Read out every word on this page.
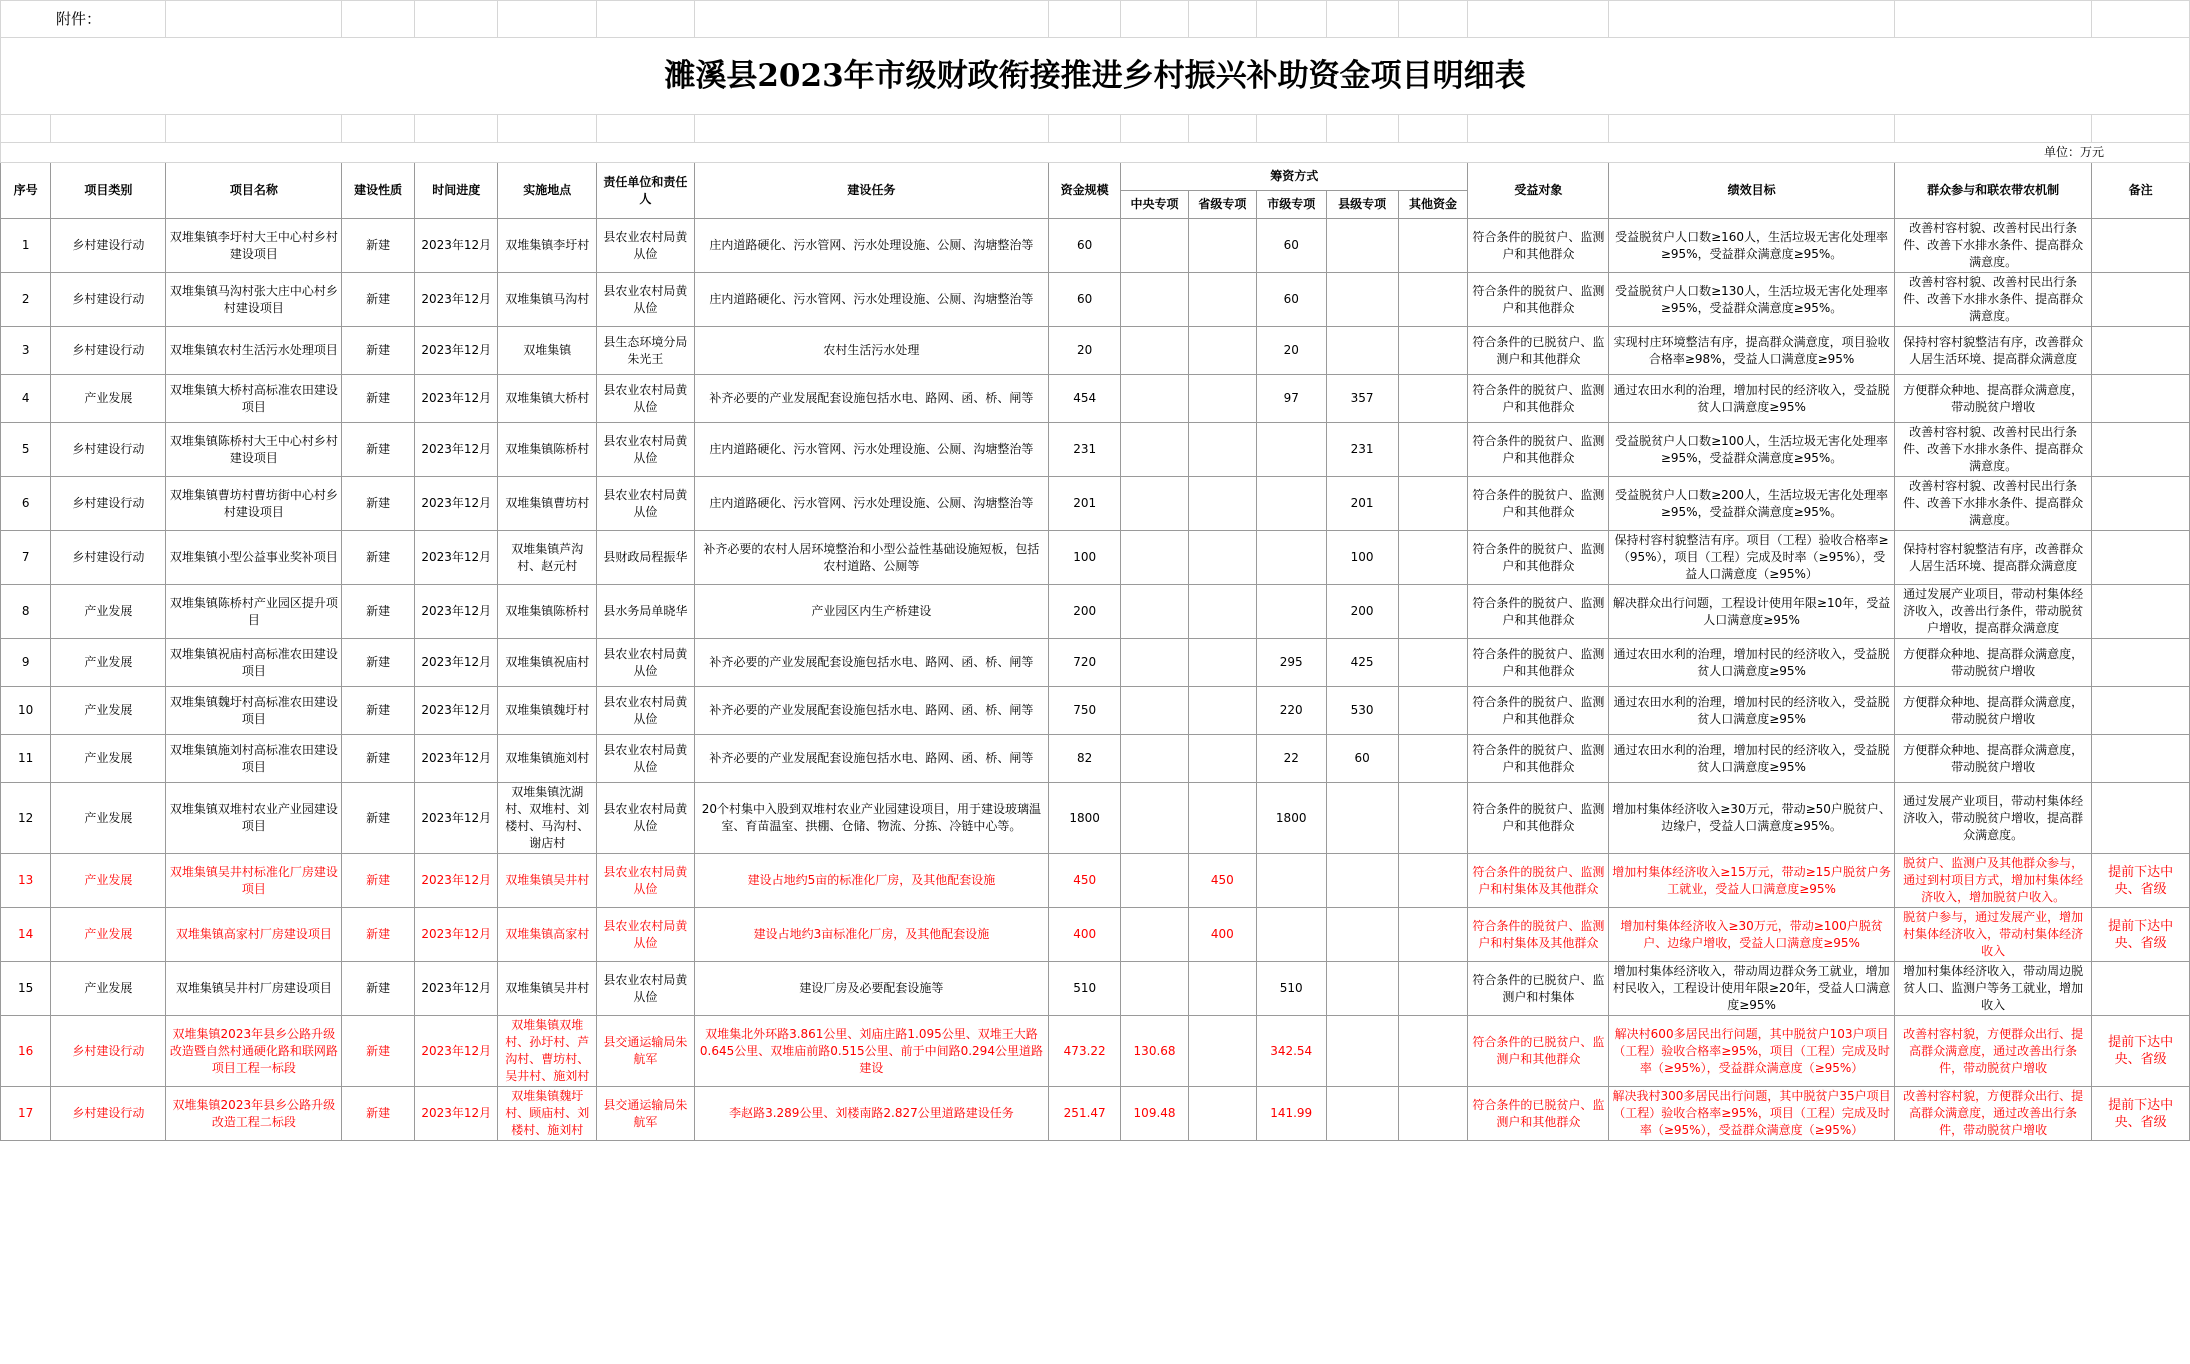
附件：																	
濉溪县2023年市级财政衔接推进乡村振兴补助资金项目明细表																	

单位：万元																	
序号	项目类别	项目名称	建设性质	时间进度	实施地点	责任单位和责任人	建设任务	资金规模	筹资方式					受益对象	绩效目标	群众参与和联农带农机制	备注
									中央专项	省级专项	市级专项	县级专项	其他资金				
1	乡村建设行动	双堆集镇李圩村大王中心村乡村建设项目	新建	2023年12月	双堆集镇李圩村	县农业农村局黄从俭	庄内道路硬化、污水管网、污水处理设施、公厕、沟塘整治等	60			60			符合条件的脱贫户、监测户和其他群众	受益脱贫户人口数≥160人，生活垃圾无害化处理率≥95%，受益群众满意度≥95%。	改善村容村貌、改善村民出行条件、改善下水排水条件、提高群众满意度。	
2	乡村建设行动	双堆集镇马沟村张大庄中心村乡村建设项目	新建	2023年12月	双堆集镇马沟村	县农业农村局黄从俭	庄内道路硬化、污水管网、污水处理设施、公厕、沟塘整治等	60			60			符合条件的脱贫户、监测户和其他群众	受益脱贫户人口数≥130人，生活垃圾无害化处理率≥95%，受益群众满意度≥95%。	改善村容村貌、改善村民出行条件、改善下水排水条件、提高群众满意度。	
3	乡村建设行动	双堆集镇农村生活污水处理项目	新建	2023年12月	双堆集镇	县生态环境分局朱光王	农村生活污水处理	20			20			符合条件的已脱贫户、监测户和其他群众	实现村庄环境整洁有序，提高群众满意度，项目验收合格率≥98%，受益人口满意度≥95%	保持村容村貌整洁有序，改善群众人居生活环境、提高群众满意度	
4	产业发展	双堆集镇大桥村高标准农田建设项目	新建	2023年12月	双堆集镇大桥村	县农业农村局黄从俭	补齐必要的产业发展配套设施包括水电、路网、函、桥、闸等	454			97	357		符合条件的脱贫户、监测户和其他群众	通过农田水利的治理，增加村民的经济收入，受益脱贫人口满意度≥95%	方便群众种地、提高群众满意度，带动脱贫户增收	
5	乡村建设行动	双堆集镇陈桥村大王中心村乡村建设项目	新建	2023年12月	双堆集镇陈桥村	县农业农村局黄从俭	庄内道路硬化、污水管网、污水处理设施、公厕、沟塘整治等	231				231		符合条件的脱贫户、监测户和其他群众	受益脱贫户人口数≥100人，生活垃圾无害化处理率≥95%，受益群众满意度≥95%。	改善村容村貌、改善村民出行条件、改善下水排水条件、提高群众满意度。	
6	乡村建设行动	双堆集镇曹坊村曹坊街中心村乡村建设项目	新建	2023年12月	双堆集镇曹坊村	县农业农村局黄从俭	庄内道路硬化、污水管网、污水处理设施、公厕、沟塘整治等	201				201		符合条件的脱贫户、监测户和其他群众	受益脱贫户人口数≥200人，生活垃圾无害化处理率≥95%，受益群众满意度≥95%。	改善村容村貌、改善村民出行条件、改善下水排水条件、提高群众满意度。	
7	乡村建设行动	双堆集镇小型公益事业奖补项目	新建	2023年12月	双堆集镇芦沟村、赵元村	县财政局程振华	补齐必要的农村人居环境整治和小型公益性基础设施短板，包括农村道路、公厕等	100				100		符合条件的脱贫户、监测户和其他群众	保持村容村貌整洁有序。项目（工程）验收合格率≥（95%），项目（工程）完成及时率（≥95%），受益人口满意度（≥95%）	保持村容村貌整洁有序，改善群众人居生活环境、提高群众满意度	
8	产业发展	双堆集镇陈桥村产业园区提升项目	新建	2023年12月	双堆集镇陈桥村	县水务局单晓华	产业园区内生产桥建设	200				200		符合条件的脱贫户、监测户和其他群众	解决群众出行问题，工程设计使用年限≥10年，受益人口满意度≥95%	通过发展产业项目，带动村集体经济收入，改善出行条件，带动脱贫户增收，提高群众满意度	
9	产业发展	双堆集镇祝庙村高标准农田建设项目	新建	2023年12月	双堆集镇祝庙村	县农业农村局黄从俭	补齐必要的产业发展配套设施包括水电、路网、函、桥、闸等	720			295	425		符合条件的脱贫户、监测户和其他群众	通过农田水利的治理，增加村民的经济收入，受益脱贫人口满意度≥95%	方便群众种地、提高群众满意度，带动脱贫户增收	
10	产业发展	双堆集镇魏圩村高标准农田建设项目	新建	2023年12月	双堆集镇魏圩村	县农业农村局黄从俭	补齐必要的产业发展配套设施包括水电、路网、函、桥、闸等	750			220	530		符合条件的脱贫户、监测户和其他群众	通过农田水利的治理，增加村民的经济收入，受益脱贫人口满意度≥95%	方便群众种地、提高群众满意度，带动脱贫户增收	
11	产业发展	双堆集镇施刘村高标准农田建设项目	新建	2023年12月	双堆集镇施刘村	县农业农村局黄从俭	补齐必要的产业发展配套设施包括水电、路网、函、桥、闸等	82			22	60		符合条件的脱贫户、监测户和其他群众	通过农田水利的治理，增加村民的经济收入，受益脱贫人口满意度≥95%	方便群众种地、提高群众满意度，带动脱贫户增收	
12	产业发展	双堆集镇双堆村农业产业园建设项目	新建	2023年12月	双堆集镇沈湖村、双堆村、刘楼村、马沟村、谢店村	县农业农村局黄从俭	20个村集中入股到双堆村农业产业园建设项目，用于建设玻璃温室、育苗温室、拱棚、仓储、物流、分拣、冷链中心等。	1800			1800			符合条件的脱贫户、监测户和其他群众	增加村集体经济收入≥30万元，带动≥50户脱贫户、边缘户，受益人口满意度≥95%。	通过发展产业项目，带动村集体经济收入，带动脱贫户增收，提高群众满意度。	
13	产业发展	双堆集镇吴井村标准化厂房建设项目	新建	2023年12月	双堆集镇吴井村	县农业农村局黄从俭	建设占地约5亩的标准化厂房，及其他配套设施	450		450				符合条件的脱贫户、监测户和村集体及其他群众	增加村集体经济收入≥15万元，带动≥15户脱贫户务工就业，受益人口满意度≥95%	脱贫户、监测户及其他群众参与，通过到村项目方式，增加村集体经济收入，增加脱贫户收入。	提前下达中央、省级
14	产业发展	双堆集镇高家村厂房建设项目	新建	2023年12月	双堆集镇高家村	县农业农村局黄从俭	建设占地约3亩标准化厂房，及其他配套设施	400		400				符合条件的脱贫户、监测户和村集体及其他群众	增加村集体经济收入≥30万元，带动≥100户脱贫户、边缘户增收，受益人口满意度≥95%	脱贫户参与，通过发展产业，增加村集体经济收入，带动村集体经济收入	提前下达中央、省级
15	产业发展	双堆集镇吴井村厂房建设项目	新建	2023年12月	双堆集镇吴井村	县农业农村局黄从俭	建设厂房及必要配套设施等	510			510			符合条件的已脱贫户、监测户和村集体	增加村集体经济收入，带动周边群众务工就业，增加村民收入，工程设计使用年限≥20年，受益人口满意度≥95%	增加村集体经济收入，带动周边脱贫人口、监测户等务工就业，增加收入	
16	乡村建设行动	双堆集镇2023年县乡公路升级改造暨自然村通硬化路和联网路项目工程一标段	新建	2023年12月	双堆集镇双堆村、孙圩村、芦沟村、曹坊村、吴井村、施刘村	县交通运输局朱航军	双堆集北外环路3.861公里、刘庙庄路1.095公里、双堆王大路0.645公里、双堆庙前路0.515公里、前于中间路0.294公里道路建设	473.22	130.68		342.54			符合条件的已脱贫户、监测户和其他群众	解决村600多居民出行问题，其中脱贫户103户项目（工程）验收合格率≥95%，项目（工程）完成及时率（≥95%），受益群众满意度（≥95%）	改善村容村貌，方便群众出行、提高群众满意度，通过改善出行条件，带动脱贫户增收	提前下达中央、省级
17	乡村建设行动	双堆集镇2023年县乡公路升级改造工程二标段	新建	2023年12月	双堆集镇魏圩村、顾庙村、刘楼村、施刘村	县交通运输局朱航军	李赵路3.289公里、刘楼南路2.827公里道路建设任务	251.47	109.48		141.99			符合条件的已脱贫户、监测户和其他群众	解决我村300多居民出行问题，其中脱贫户35户项目（工程）验收合格率≥95%，项目（工程）完成及时率（≥95%），受益群众满意度（≥95%）	改善村容村貌，方便群众出行、提高群众满意度，通过改善出行条件，带动脱贫户增收	提前下达中央、省级
